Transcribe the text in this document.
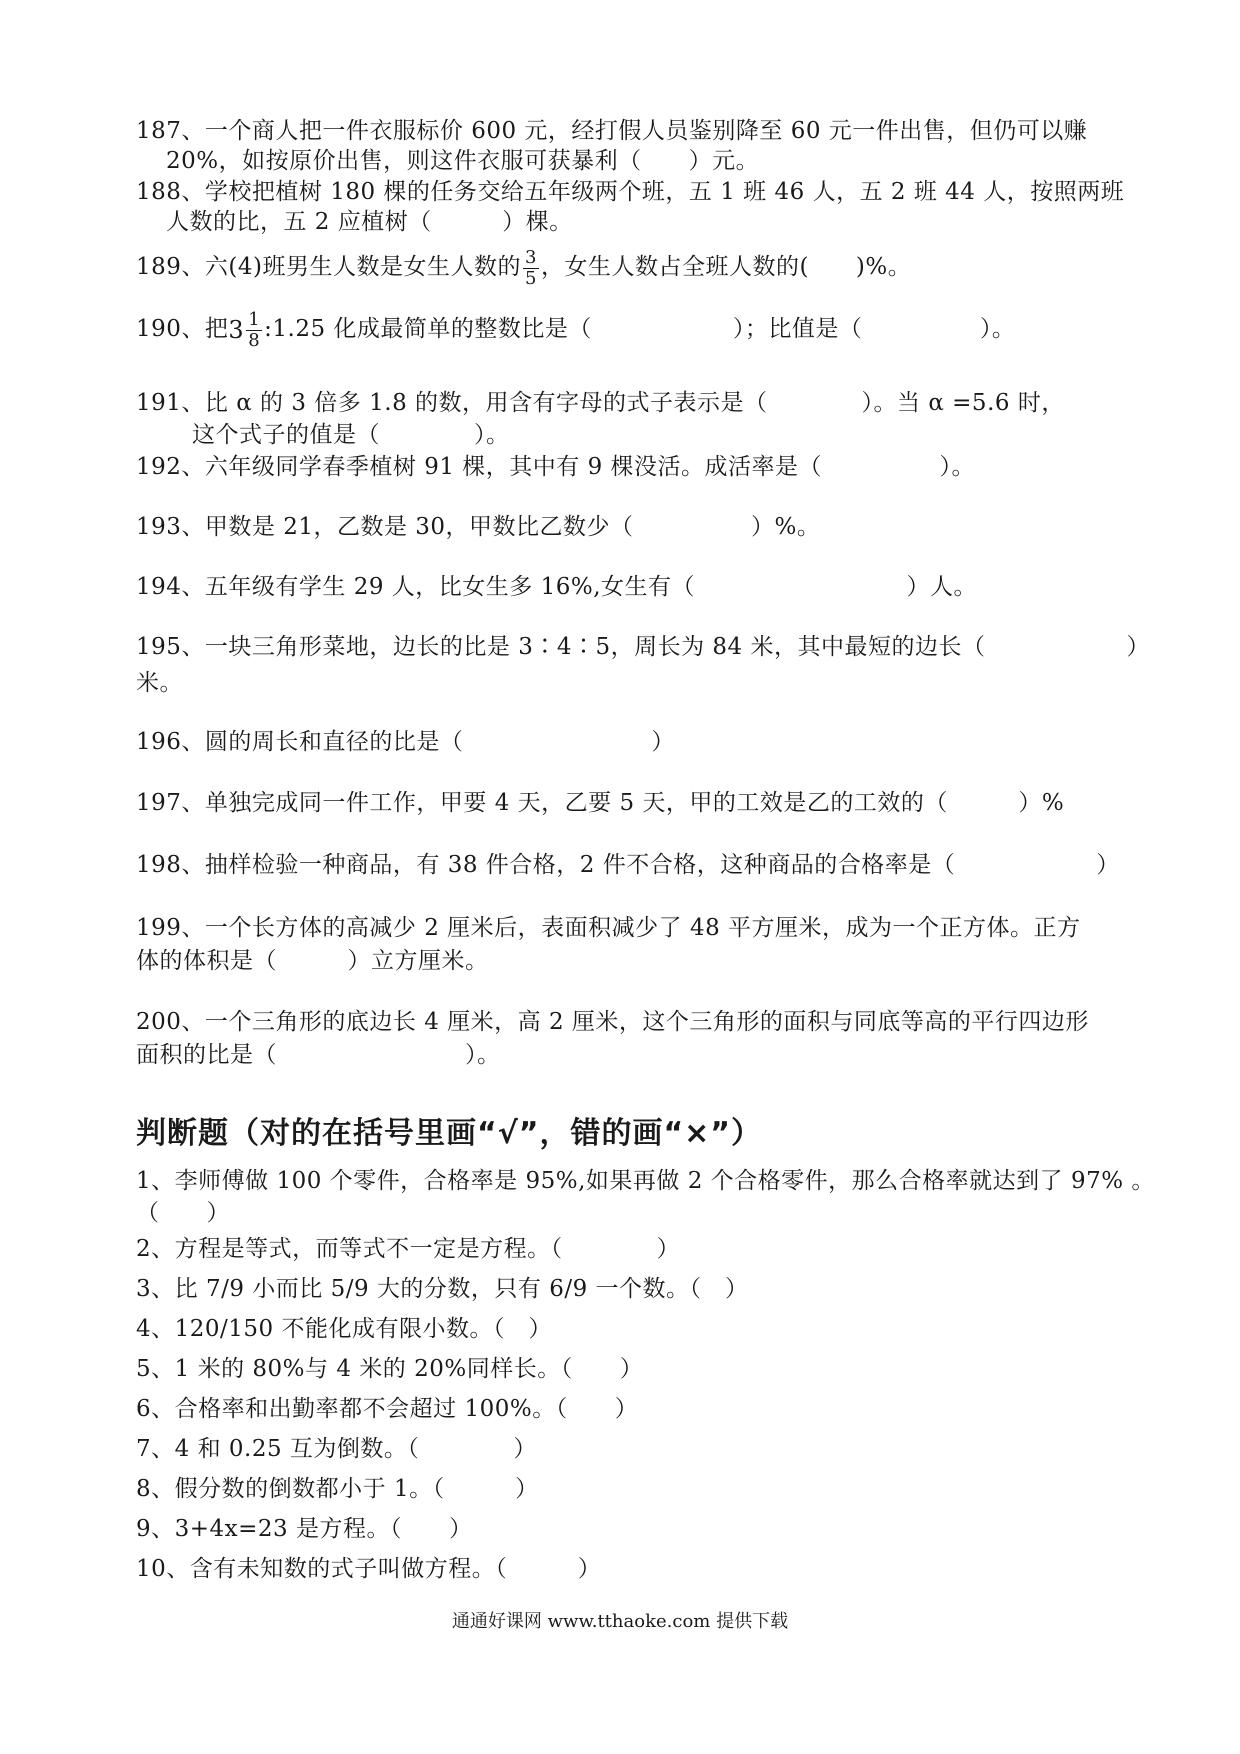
187、一个商人把一件衣服标价 600 元，经打假人员鉴别降至 60 元一件出售，但仍可以赚
20%，如按原价出售，则这件衣服可获暴利（　　）元。
188、学校把植树 180 棵的任务交给五年级两个班，五 1 班 46 人，五 2 班 44 人，按照两班
人数的比，五 2 应植树（　　　）棵。
189、六(4)班男生人数是女生人数的 $\frac{3}{5}$ ，女生人数占全班人数的(　　)%。
190、把$3 \frac{1}{8}$ :1.25 化成最简单的整数比是（　　　　　　）；比值是（　　　　　）。
191、比 α 的 3 倍多 1.8 的数，用含有字母的式子表示是（　　　　）。当 α =5.6 时，
这个式子的值是（　　　　）。
192、六年级同学春季植树 91 棵，其中有 9 棵没活。成活率是（　　　　　）。
193、甲数是 21，乙数是 30，甲数比乙数少（　　　　　）%。
194、五年级有学生 29 人，比女生多 16%,女生有（　　　　　　　　　）人。
195、一块三角形菜地，边长的比是 3∶4∶5，周长为 84 米，其中最短的边长（　　　　　　）
米。
196、圆的周长和直径的比是（　　　　　　　　）
197、单独完成同一件工作，甲要 4 天，乙要 5 天，甲的工效是乙的工效的（　　　）%
198、抽样检验一种商品，有 38 件合格，2 件不合格，这种商品的合格率是（　　　　　　）
199、一个长方体的高减少 2 厘米后，表面积减少了 48 平方厘米，成为一个正方体。正方
体的体积是（　　　）立方厘米。
200、一个三角形的底边长 4 厘米，高 2 厘米，这个三角形的面积与同底等高的平行四边形
面积的比是（　　　　　　　　）。
判断题（对的在括号里画“√”，错的画“×”）
1、李师傅做 100 个零件，合格率是 95%,如果再做 2 个合格零件，那么合格率就达到了 97% 。
（　　）
2、方程是等式，而等式不一定是方程。（　　　　）
3、比 7/9 小而比 5/9 大的分数，只有 6/9 一个数。（　）
4、120/150 不能化成有限小数。（　）
5、1 米的 80%与 4 米的 20%同样长。（　　）
6、合格率和出勤率都不会超过 100%。（　　）
7、4 和 0.25 互为倒数。（　　　　）
8、假分数的倒数都小于 1。（　　　）
9、3+4x=23 是方程。（　　）
10、含有未知数的式子叫做方程。（　　　）
通通好课网 www.tthaoke.com 提供下载
